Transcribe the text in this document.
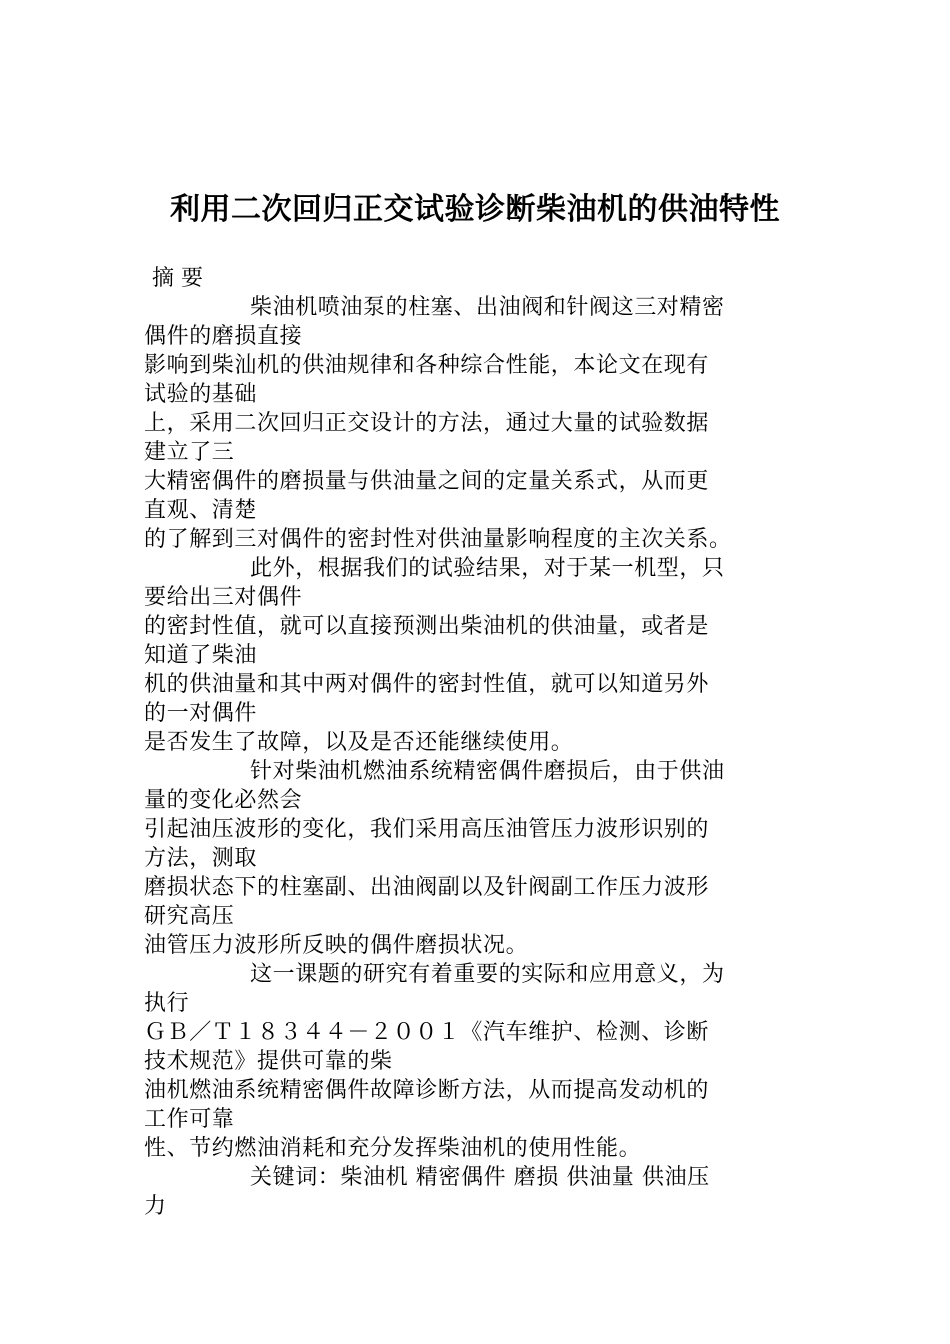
利用二次回归正交试验诊断柴油机的供油特性
摘 要
柴油机喷油泵的柱塞、出油阀和针阀这三对精密
偶件的磨损直接
影响到柴汕机的供油规律和各种综合性能，本论文在现有
试验的基础
上，采用二次回归正交设计的方法，通过大量的试验数据
建立了三
大精密偶件的磨损量与供油量之间的定量关系式，从而更
直观、清楚
的了解到三对偶件的密封性对供油量影响程度的主次关系。
此外，根据我们的试验结果，对于某一机型，只
要给出三对偶件
的密封性值，就可以直接预测出柴油机的供油量，或者是
知道了柴油
机的供油量和其中两对偶件的密封性值，就可以知道另外
的一对偶件
是否发生了故障，以及是否还能继续使用。
针对柴油机燃油系统精密偶件磨损后，由于供油
量的变化必然会
引起油压波形的变化，我们采用高压油管压力波形识别的
方法，测取
磨损状态下的柱塞副、出油阀副以及针阀副工作压力波形
研究高压
油管压力波形所反映的偶件磨损状况。
这一课题的研究有着重要的实际和应用意义，为
执行
ＧＢ／Ｔ１８３４４－２００１《汽车维护、检测、诊断
技术规范》提供可靠的柴
油机燃油系统精密偶件故障诊断方法，从而提高发动机的
工作可靠
性、节约燃油消耗和充分发挥柴油机的使用性能。
关键词：柴油机 精密偶件 磨损 供油量 供油压
力
